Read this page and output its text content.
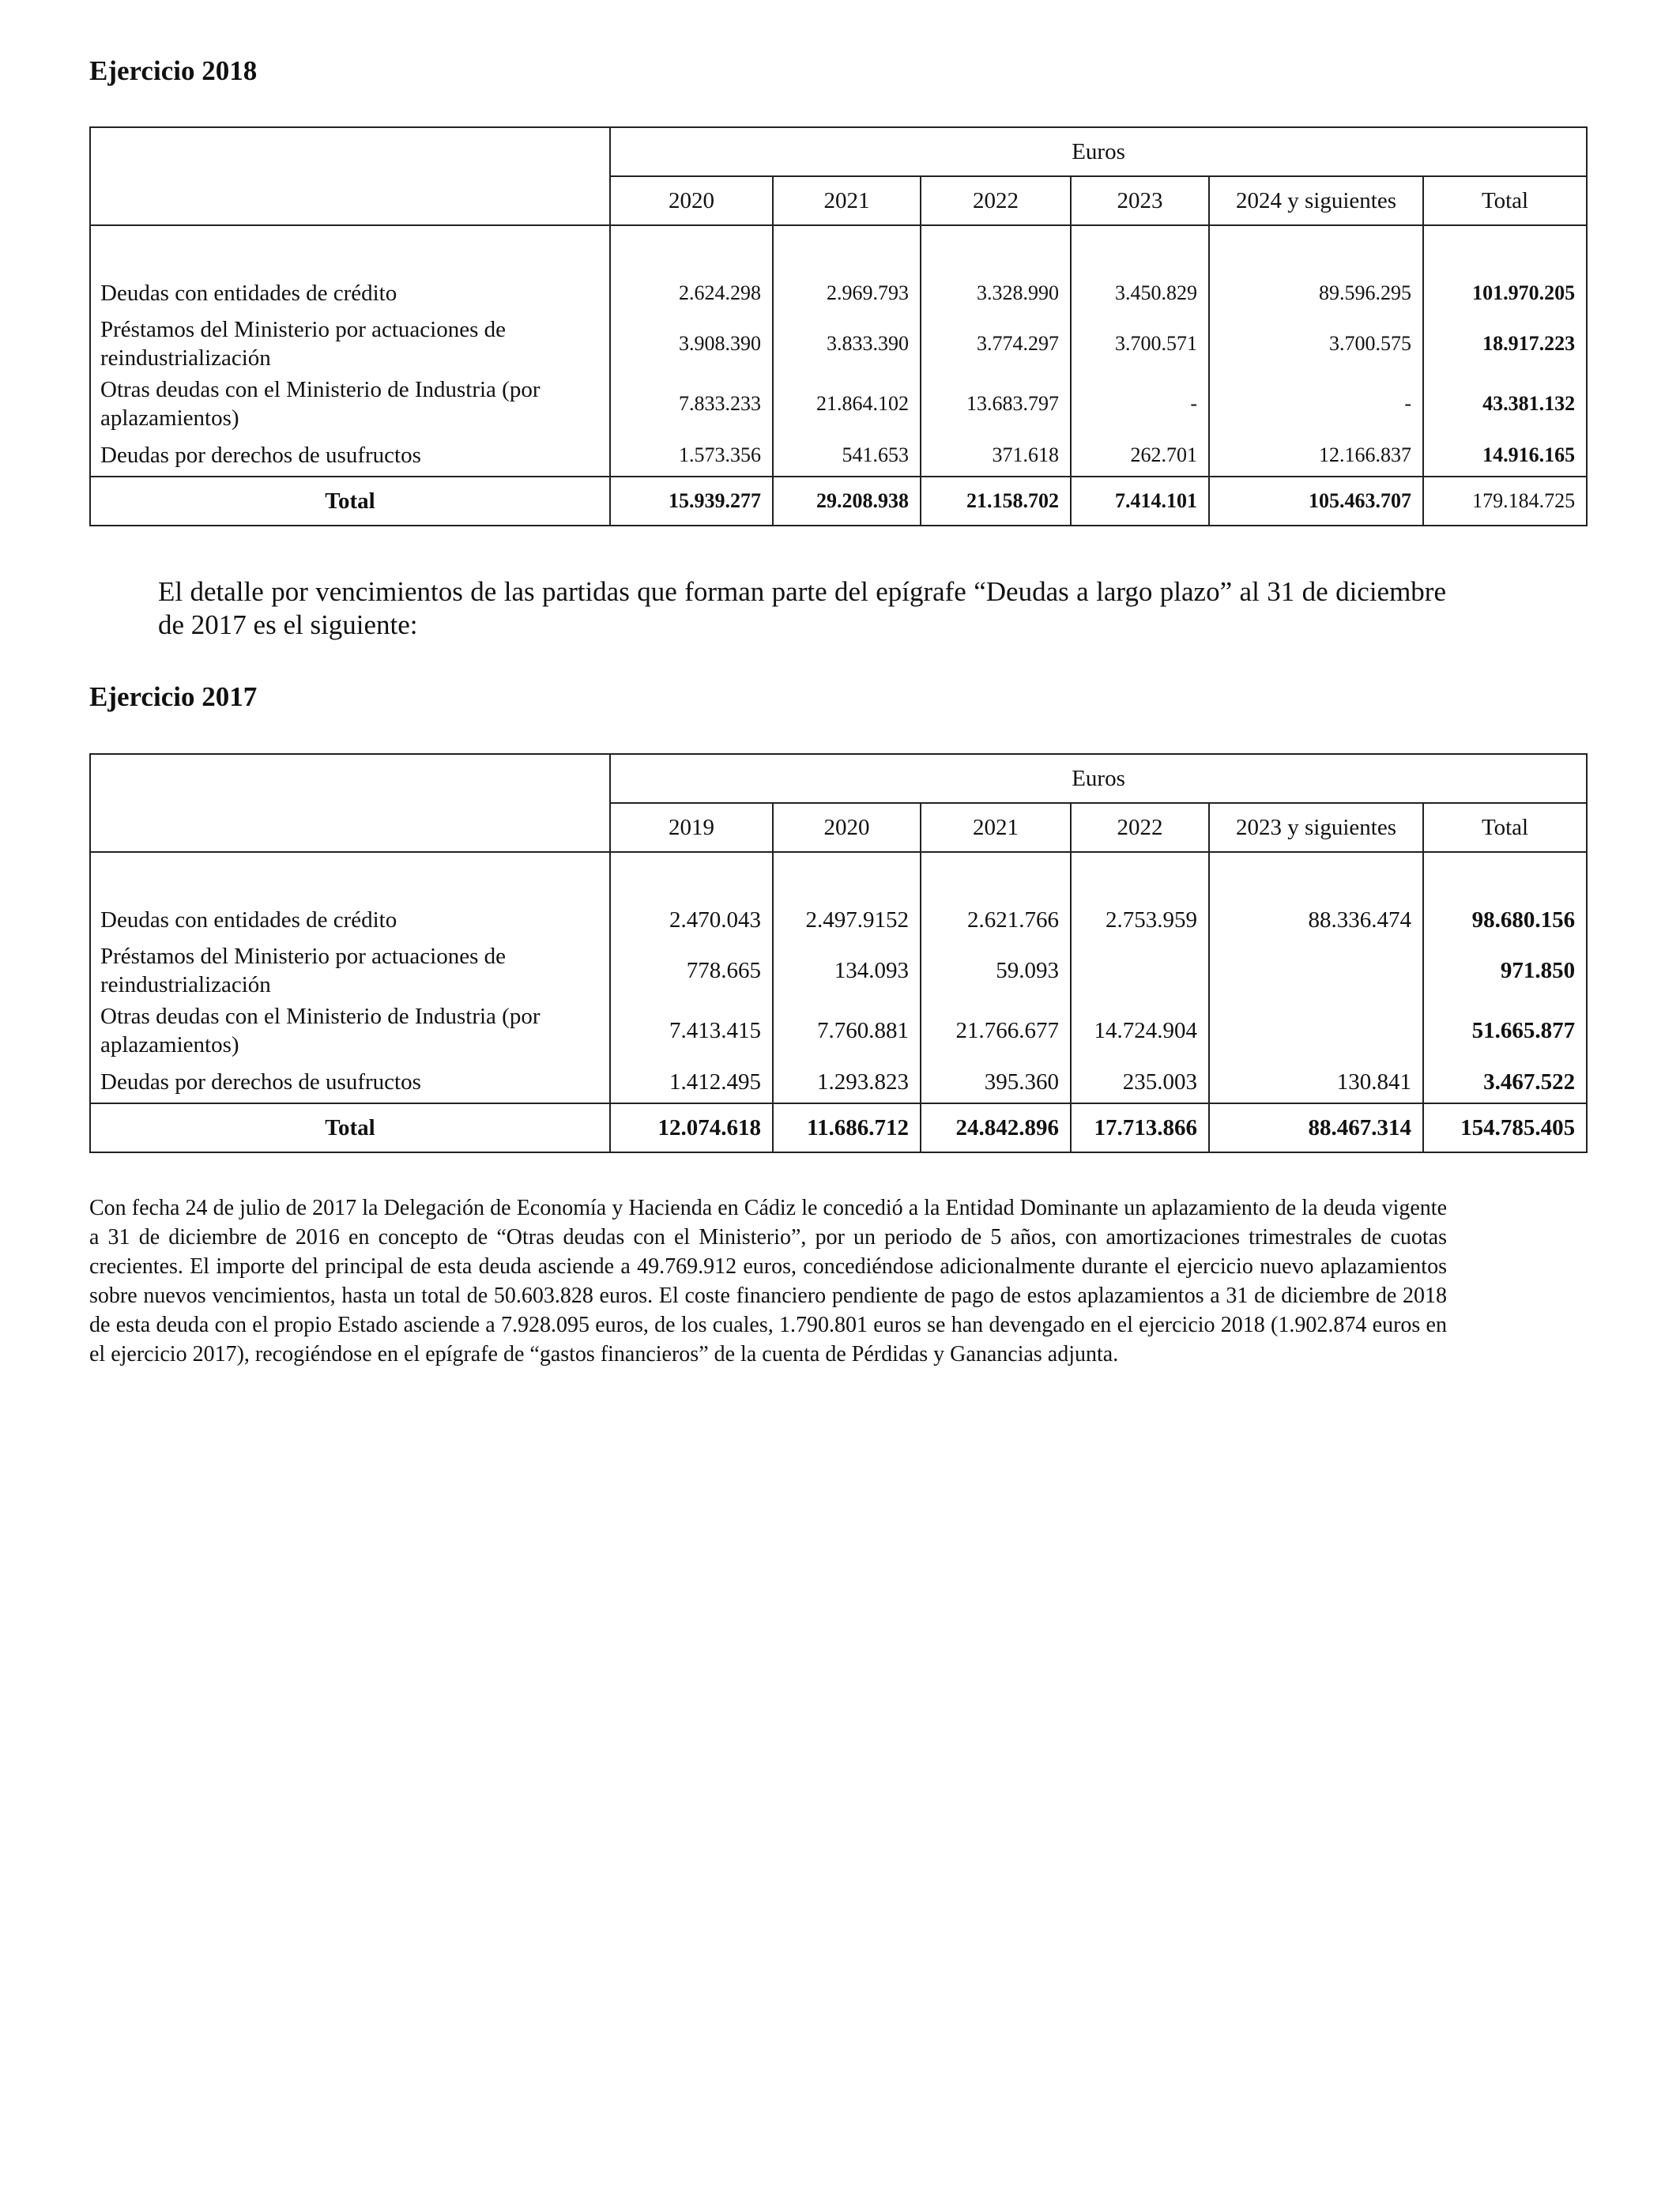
Ejercicio 2018
	Euros					
	2020	2021	2022	2023	2024 y siguientes	Total

Deudas con entidades de crédito	2.624.298	2.969.793	3.328.990	3.450.829	89.596.295	101.970.205
Préstamos del Ministerio por actuaciones de reindustrialización	3.908.390	3.833.390	3.774.297	3.700.571	3.700.575	18.917.223
Otras deudas con el Ministerio de Industria (por aplazamientos)	7.833.233	21.864.102	13.683.797	-	-	43.381.132
Deudas por derechos de usufructos	1.573.356	541.653	371.618	262.701	12.166.837	14.916.165
Total	15.939.277	29.208.938	21.158.702	7.414.101	105.463.707	179.184.725

El detalle por vencimientos de las partidas que forman parte del epígrafe “Deudas a largo plazo” al 31 de diciembre de 2017 es el siguiente:

Ejercicio 2017
	Euros					
	2019	2020	2021	2022	2023 y siguientes	Total

Deudas con entidades de crédito	2.470.043	2.497.9152	2.621.766	2.753.959	88.336.474	98.680.156
Préstamos del Ministerio por actuaciones de reindustrialización	778.665	134.093	59.093			971.850
Otras deudas con el Ministerio de Industria (por aplazamientos)	7.413.415	7.760.881	21.766.677	14.724.904		51.665.877
Deudas por derechos de usufructos	1.412.495	1.293.823	395.360	235.003	130.841	3.467.522
Total	12.074.618	11.686.712	24.842.896	17.713.866	88.467.314	154.785.405

Con fecha 24 de julio de 2017 la Delegación de Economía y Hacienda en Cádiz le concedió a la Entidad Dominante un aplazamiento de la deuda vigente a 31 de diciembre de 2016 en concepto de “Otras deudas con el Ministerio”, por un periodo de 5 años, con amortizaciones trimestrales de cuotas crecientes. El importe del principal de esta deuda asciende a 49.769.912 euros, concediéndose adicionalmente durante el ejercicio nuevo aplazamientos sobre nuevos vencimientos, hasta un total de 50.603.828 euros. El coste financiero pendiente de pago de estos aplazamientos a 31 de diciembre de 2018 de esta deuda con el propio Estado asciende a 7.928.095 euros, de los cuales, 1.790.801 euros se han devengado en el ejercicio 2018 (1.902.874 euros en el ejercicio 2017), recogiéndose en el epígrafe de “gastos financieros” de la cuenta de Pérdidas y Ganancias adjunta.
